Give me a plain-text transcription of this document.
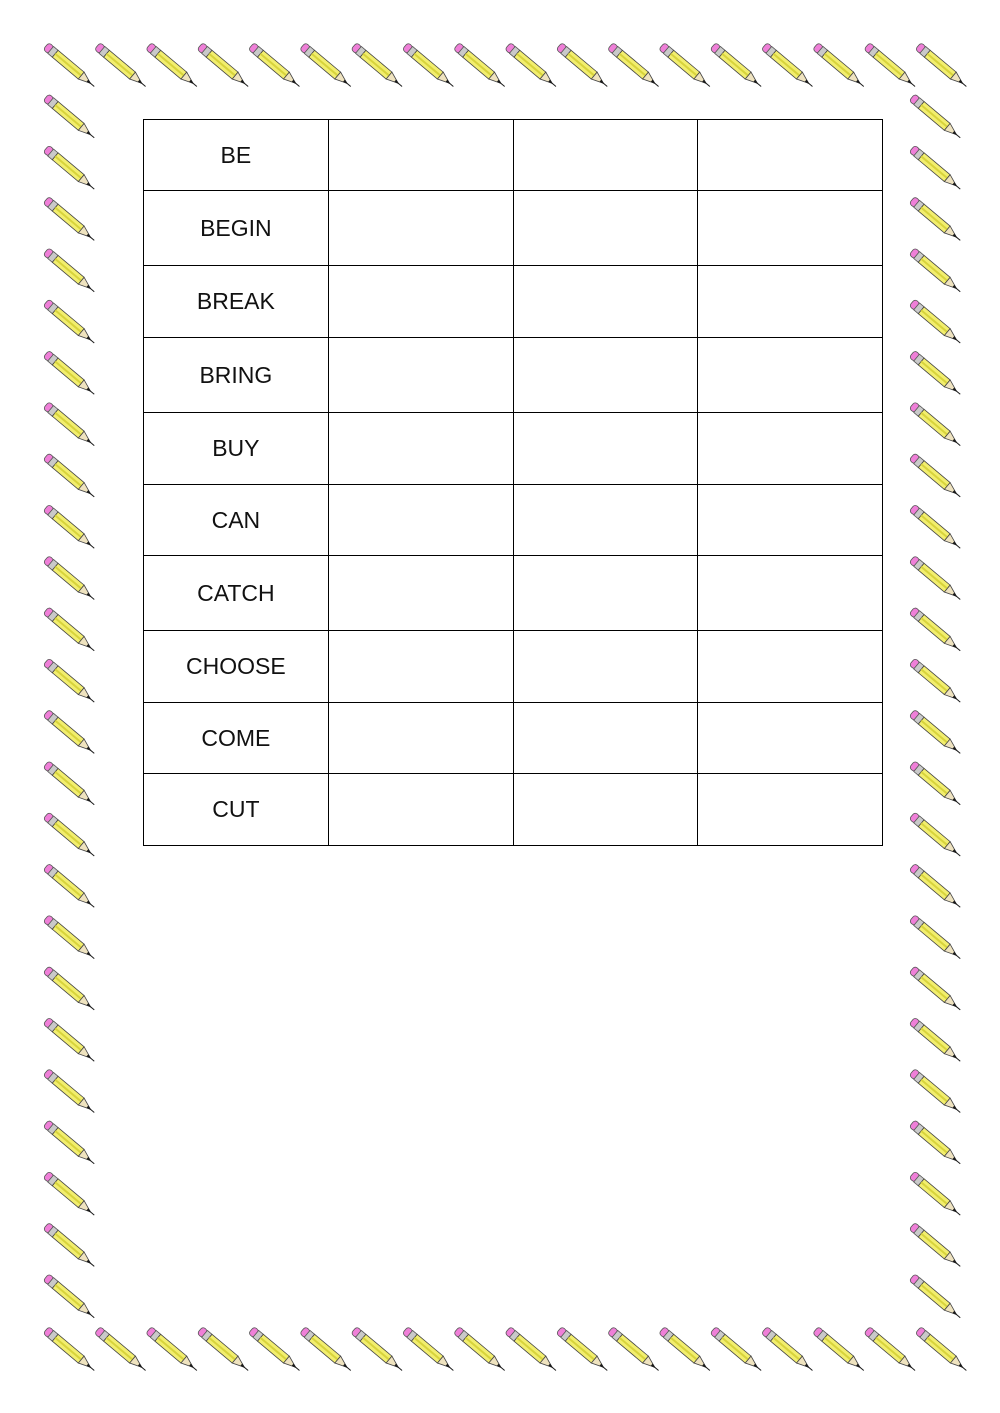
BE			
BEGIN			
BREAK			
BRING			
BUY			
CAN			
CATCH			
CHOOSE			
COME			
CUT			
